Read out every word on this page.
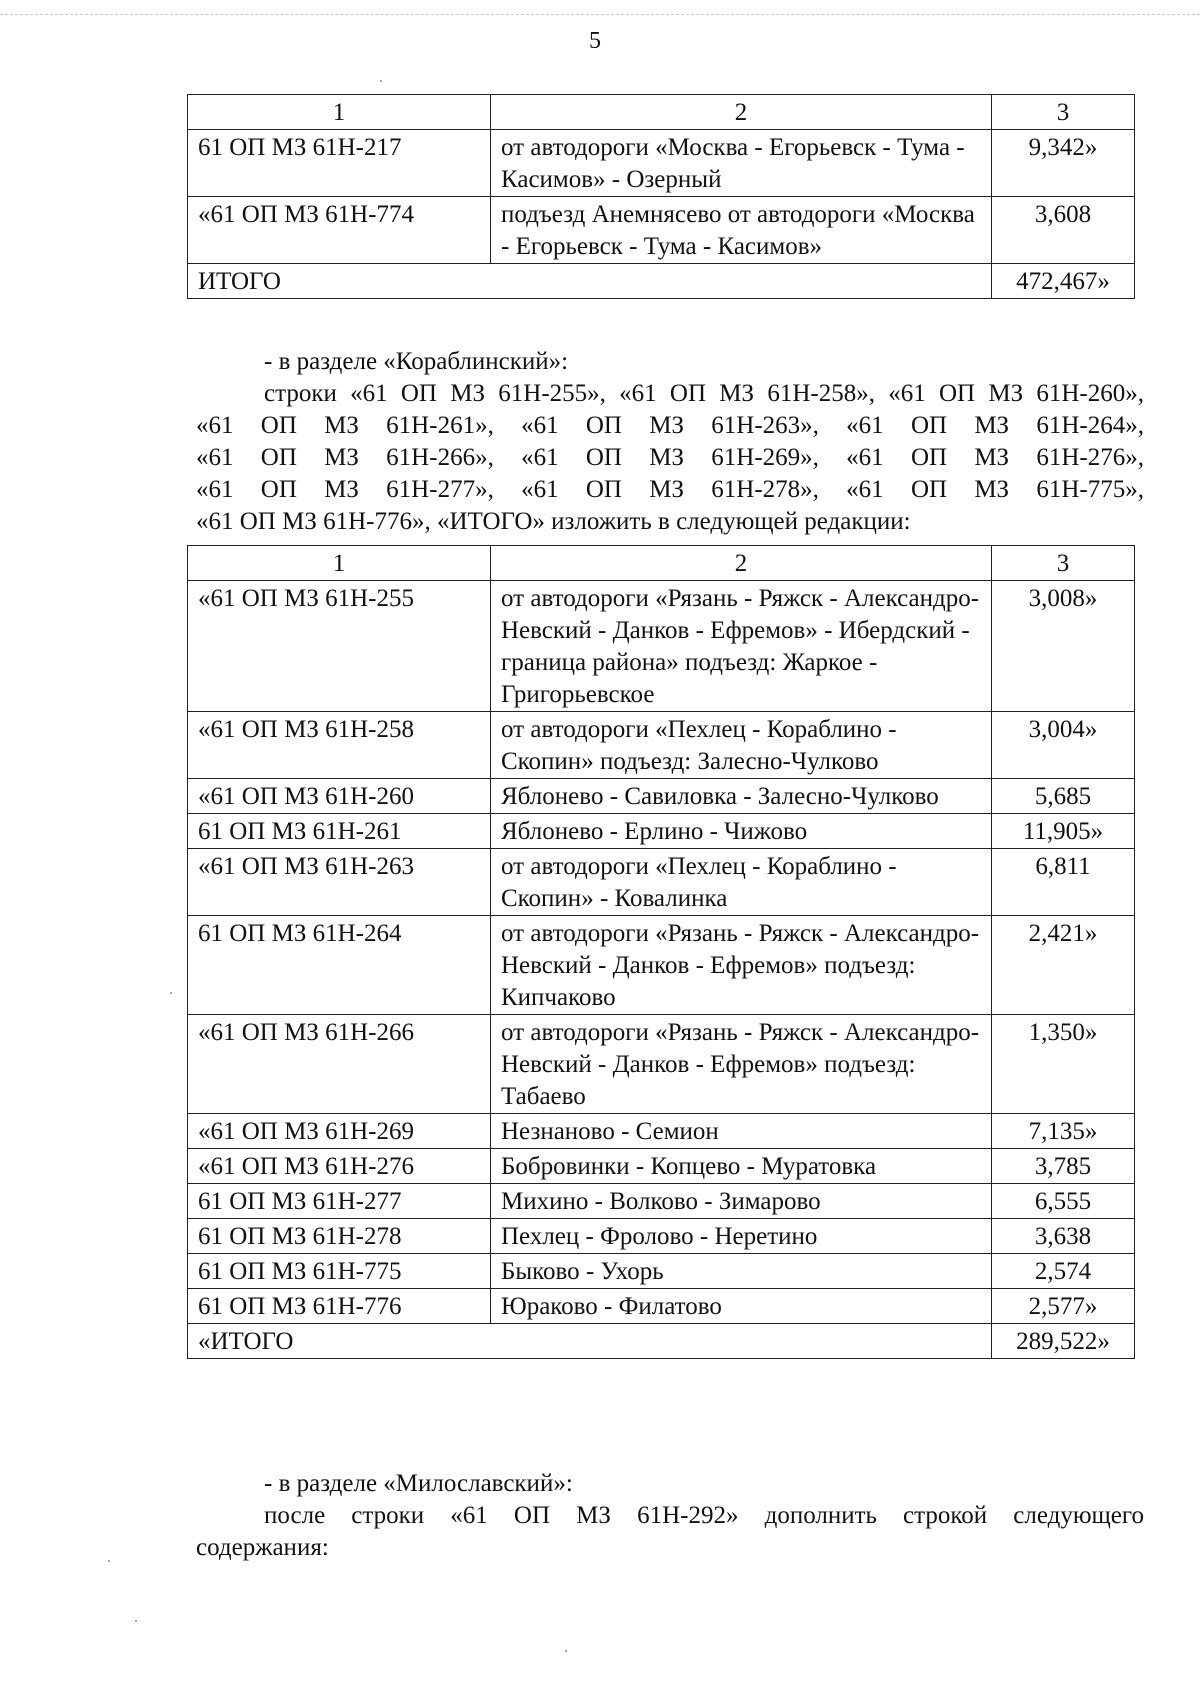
5
1	2	3
61 ОП МЗ 61Н-217	от автодороги «Москва - Егорьевск - Тума - Касимов» - Озерный	9,342»
«61 ОП МЗ 61Н-774	подъезд Анемнясево от автодороги «Москва - Егорьевск - Тума - Касимов»	3,608
ИТОГО		472,467»
- в разделе «Кораблинский»:
строки «61 ОП МЗ 61Н-255», «61 ОП МЗ 61Н-258», «61 ОП МЗ 61Н-260»,
«61 ОП МЗ 61Н-261», «61 ОП МЗ 61Н-263», «61 ОП МЗ 61Н-264»,
«61 ОП МЗ 61Н-266», «61 ОП МЗ 61Н-269», «61 ОП МЗ 61Н-276»,
«61 ОП МЗ 61Н-277», «61 ОП МЗ 61Н-278», «61 ОП МЗ 61Н-775»,
«61 ОП МЗ 61Н-776», «ИТОГО» изложить в следующей редакции:
1	2	3
«61 ОП МЗ 61Н-255	от автодороги «Рязань - Ряжск - Александро-Невский - Данков - Ефремов» - Ибердский - граница района» подъезд: Жаркое - Григорьевское	3,008»
«61 ОП МЗ 61Н-258	от автодороги «Пехлец - Кораблино - Скопин» подъезд: Залесно-Чулково	3,004»
«61 ОП МЗ 61Н-260	Яблоневo - Савиловка - Залесно-Чулково	5,685
61 ОП МЗ 61Н-261	Яблонево - Ерлино - Чижово	11,905»
«61 ОП МЗ 61Н-263	от автодороги «Пехлец - Кораблино - Скопин» - Ковалинка	6,811
61 ОП МЗ 61Н-264	от автодороги «Рязань - Ряжск - Александро-Невский - Данков - Ефремов» подъезд: Кипчаково	2,421»
«61 ОП МЗ 61Н-266	от автодороги «Рязань - Ряжск - Александро-Невский - Данков - Ефремов» подъезд: Табаево	1,350»
«61 ОП МЗ 61Н-269	Незнаново - Семион	7,135»
«61 ОП МЗ 61Н-276	Бобровинки - Копцево - Муратовка	3,785
61 ОП МЗ 61Н-277	Михино - Волково - Зимарово	6,555
61 ОП МЗ 61Н-278	Пехлец - Фролово - Неретино	3,638
61 ОП МЗ 61Н-775	Быково - Ухорь	2,574
61 ОП МЗ 61Н-776	Юраково - Филатово	2,577»
«ИТОГО		289,522»
- в разделе «Милославский»:
после строки «61 ОП МЗ 61Н-292» дополнить строкой следующего
содержания:
